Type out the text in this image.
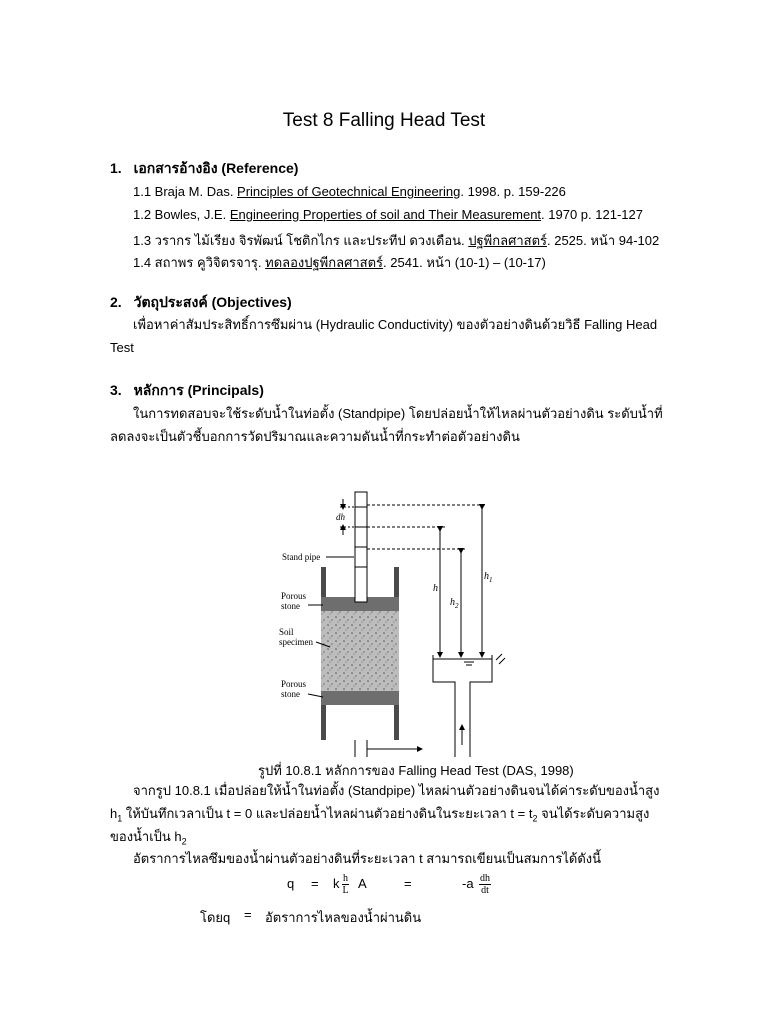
Test 8 Falling Head Test
1. เอกสารอ้างอิง (Reference)
1.1 Braja M. Das. Principles of Geotechnical Engineering. 1998. p. 159-226
1.2 Bowles, J.E. Engineering Properties of soil and Their Measurement. 1970 p. 121-127
1.3 วรากร ไม้เรียง จิรพัฒน์ โชติกไกร และประทีป ดวงเดือน. ปฐพีกลศาสตร์. 2525. หน้า 94-102
1.4 สถาพร คูวิจิตรจารุ. ทดลองปฐพีกลศาสตร์. 2541. หน้า (10-1) – (10-17)
2. วัตถุประสงค์ (Objectives)
เพื่อหาค่าสัมประสิทธิ์การซึมผ่าน (Hydraulic Conductivity) ของตัวอย่างดินด้วยวิธี Falling Head
Test
3. หลักการ (Principals)
ในการทดสอบจะใช้ระดับน้ำในท่อตั้ง (Standpipe) โดยปล่อยน้ำให้ไหลผ่านตัวอย่างดิน ระดับน้ำที่
ลดลงจะเป็นตัวชี้บอกการวัดปริมาณและความดันน้ำที่กระทำต่อตัวอย่างดิน
dh
$h_1$
h
$h_2$
Stand pipe
Porous
stone
Soil
specimen
Porous
stone
รูปที่ 10.8.1 หลักการของ Falling Head Test (DAS, 1998)
จากรูป 10.8.1 เมื่อปล่อยให้น้ำในท่อตั้ง (Standpipe) ไหลผ่านตัวอย่างดินจนได้ค่าระดับของน้ำสูง
$h_1$ ให้บันทึกเวลาเป็น t = 0 และปล่อยน้ำไหลผ่านตัวอย่างดินในระยะเวลา $t = t_2$ จนได้ระดับความสูง
ของน้ำเป็น $h_2$
อัตราการไหลซึมของน้ำผ่านตัวอย่างดินที่ระยะเวลา t สามารถเขียนเป็นสมการได้ดังนี้
q = k $\frac{h}{L}$ A	=	$-a \frac{dh}{dt}$
โดยq = อัตราการไหลของน้ำผ่านดิน
